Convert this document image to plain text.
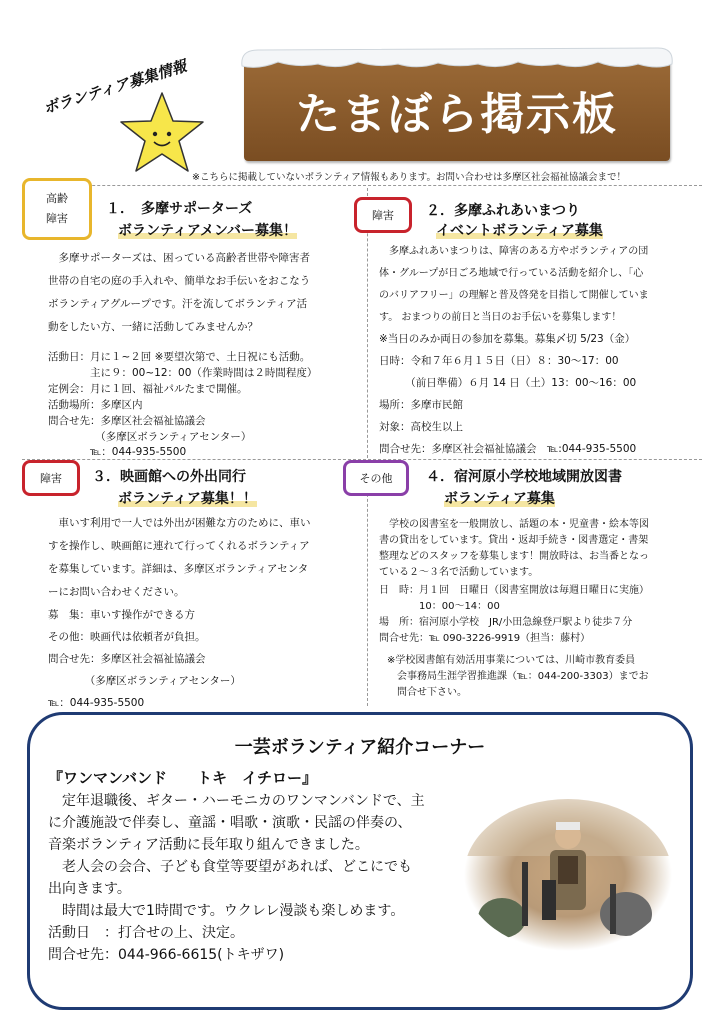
ボランティア募集情報	たまぼら掲示板
※こちらに掲載していないボランティア情報もあります。お問い合わせは多摩区社会福祉協議会まで！
高齢
障害
１．　多摩サポーターズ
ボランティアメンバー募集！
　多摩サポーターズは、困っている高齢者世帯や障害者
世帯の自宅の庭の手入れや、簡単なお手伝いをおこなう
ボランティアグループです。汗を流してボランティア活
動をしたい方、一緒に活動してみませんか？
活動日：月に１~２回 ※要望次第で、土日祝にも活動。
　　　　主に９：00~12：00（作業時間は２時間程度）
定例会：月に１回、福祉パルたまで開催。
活動場所：多摩区内
問合せ先：多摩区社会福祉協議会
　　　　　（多摩区ボランティアセンター）
　　　　℡：044-935-5500
障害 ２．多摩ふれあいまつり
イベントボランティア募集
　多摩ふれあいまつりは、障害のある方やボランティアの団
体・グループが日ごろ地域で行っている活動を紹介し、「心
のバリアフリー」の理解と普及啓発を目指して開催していま
す。 おまつりの前日と当日のお手伝いを募集します！
※当日のみか両日の参加を募集。募集〆切 5/23（金）
日時：令和７年６月１５日（日）８：30～17：00
　　　（前日準備）６月 14 日（土）13：00～16：00
場所：多摩市民館
対象：高校生以上
問合せ先：多摩区社会福祉協議会　℡:044-935-5500
障害 ３．映画館への外出同行
ボランティア募集！！
　車いす利用で一人では外出が困難な方のために、車い
すを操作し、映画館に連れて行ってくれるボランティア
を募集しています。詳細は、多摩区ボランティアセンタ
ーにお問い合わせください。
募　集：車いす操作ができる方
その他：映画代は依頼者が負担。
問合せ先：多摩区社会福祉協議会
　　　　（多摩区ボランティアセンター）
℡：044-935-5500
その他 ４．宿河原小学校地域開放図書
ボランティア募集
　学校の図書室を一般開放し、話題の本・児童書・絵本等図
書の貸出をしています。貸出・返却手続き・図書選定・書架
整理などのスタッフを募集します！開放時は、お当番となっ
ている２～３名で活動しています。
日　時：月１回　日曜日（図書室開放は毎週日曜日に実施）
　　　　10：00～14：00
場　所：宿河原小学校　JR/小田急線登戸駅より徒歩７分
問合せ先：℡ 090-3226-9919（担当：藤村）
※学校図書館有効活用事業については、川崎市教育委員
　会事務局生涯学習推進課（℡：044-200-3303）までお
　問合せ下さい。
一芸ボランティア紹介コーナー
『ワンマンバンド　　トキ　イチロー』
　定年退職後、ギター・ハーモニカのワンマンバンドで、主
に介護施設で伴奏し、童謡・唱歌・演歌・民謡の伴奏の、
音楽ボランティア活動に長年取り組んできました。
　老人会の会合、子ども食堂等要望があれば、どこにでも
出向きます。
　時間は最大で1時間です。ウクレレ漫談も楽しめます。
活動日　：打合せの上、決定。
問合せ先：044-966-6615(トキザワ)
